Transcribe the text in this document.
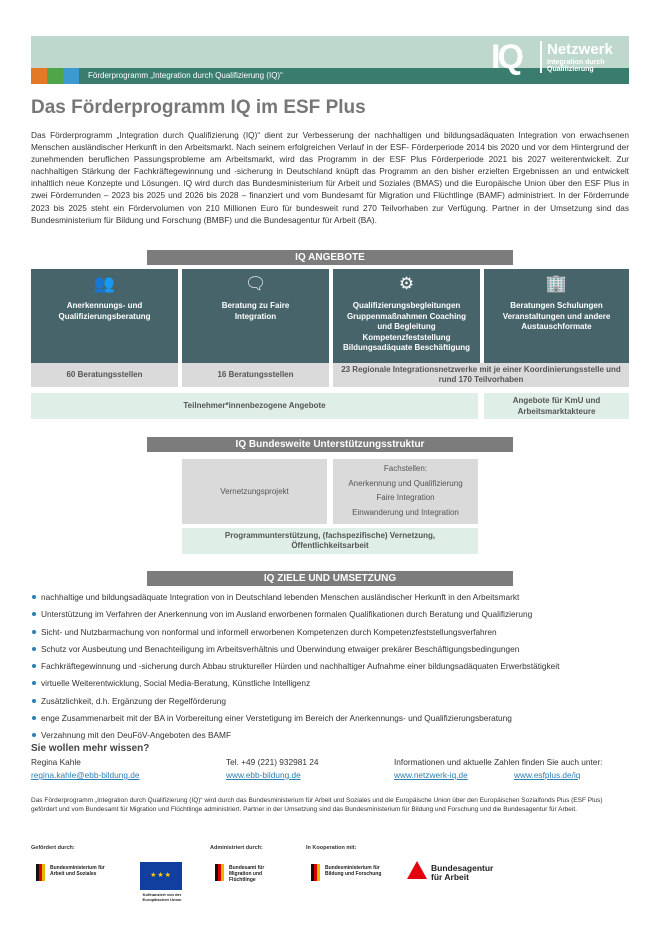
Förderprogramm „Integration durch Qualifizierung (IQ)“	IQ	Netzwerk
Integration durch
Qualifizierung
Das Förderprogramm IQ im ESF Plus

Das Förderprogramm „Integration durch Qualifizierung (IQ)“ dient zur Verbesserung der nachhaltigen und bildungsadäquaten Integration von erwachsenen Menschen ausländischer Herkunft in den Arbeitsmarkt. Nach seinem erfolgreichen Verlauf in der ESF- Förderperiode 2014 bis 2020 und vor dem Hintergrund der zunehmenden beruflichen Passungsprobleme am Arbeitsmarkt, wird das Programm in der ESF Plus Förderperiode 2021 bis 2027 weiterentwickelt. Zur nachhaltigen Stärkung der Fachkräftegewinnung und -sicherung in Deutschland knüpft das Programm an den bisher erzielten Ergebnissen an und entwickelt inhaltlich neue Konzepte und Lösungen. IQ wird durch das Bundesministerium für Arbeit und Soziales (BMAS) und die Europäische Union über den ESF Plus in zwei Förderrunden – 2023 bis 2025 und 2026 bis 2028 – finanziert und vom Bundesamt für Migration und Flüchtlinge (BAMF) administriert. In der Förderrunde 2023 bis 2025 steht ein Fördervolumen von 210 Millionen Euro für bundesweit rund 270 Teilvorhaben zur Verfügung. Partner in der Umsetzung sind das Bundesministerium für Bildung und Forschung (BMBF) und die Bundesagentur für Arbeit (BA).

IQ ANGEBOTE
👥
Anerkennungs- und Qualifizierungsberatung
🗨
Beratung zu Faire Integration
⚙
Qualifizierungsbegleitungen Gruppenmaßnahmen Coaching und Begleitung Kompetenzfeststellung Bildungsadäquate Beschäftigung
🏢
Beratungen Schulungen Veranstaltungen und andere Austauschformate
60 Beratungsstellen	16 Beratungsstellen
23 Regionale Integrationsnetzwerke mit je einer Koordinierungsstelle und rund 170 Teilvorhaben
Teilnehmer*innenbezogene Angebote
Angebote für KmU und Arbeitsmarktakteure
IQ Bundesweite Unterstützungsstruktur
Vernetzungsprojekt
Fachstellen:
Anerkennung und Qualifizierung
Faire Integration
Einwanderung und Integration
Programmunterstützung, (fachspezifische) Vernetzung, Öffentlichkeitsarbeit
IQ ZIELE UND UMSETZUNG
nachhaltige und bildungsadäquate Integration von in Deutschland lebenden Menschen ausländischer Herkunft in den Arbeitsmarkt
Unterstützung im Verfahren der Anerkennung von im Ausland erworbenen formalen Qualifikationen durch Beratung und Qualifizierung
Sicht- und Nutzbarmachung von nonformal und informell erworbenen Kompetenzen durch Kompetenzfeststellungsverfahren
Schutz vor Ausbeutung und Benachteiligung im Arbeitsverhältnis und Überwindung etwaiger prekärer Beschäftigungsbedingungen
Fachkräftegewinnung und -sicherung durch Abbau struktureller Hürden und nachhaltiger Aufnahme einer bildungsadäquaten Erwerbstätigkeit
virtuelle Weiterentwicklung, Social Media-Beratung, Künstliche Intelligenz
Zusätzlichkeit, d.h. Ergänzung der Regelförderung
enge Zusammenarbeit mit der BA in Vorbereitung einer Verstetigung im Bereich der Anerkennungs- und Qualifizierungsberatung
Verzahnung mit den DeuFöV-Angeboten des BAMF
Sie wollen mehr wissen?
Regina Kahle
regina.kahle@ebb-bildung.de
Tel. +49 (221) 932981 24
www.ebb-bildung.de
Informationen und aktuelle Zahlen finden Sie auch unter:
www.netzwerk-iq.de	www.esfplus.de/iq

Das Förderprogramm „Integration durch Qualifizierung (IQ)“ wird durch das Bundesministerium für Arbeit und Soziales und die Europäische Union über den Europäischen Sozialfonds Plus (ESF Plus) gefördert und vom Bundesamt für Migration und Flüchtlinge administriert. Partner in der Umsetzung sind das Bundesministerium für Bildung und Forschung und die Bundesagentur für Arbeit.

Gefördert durch:	Administriert durch:	In Kooperation mit:
Bundesministerium für Arbeit und Soziales	★★★
Kofinanziert von der Europäischen Union
Bundesamt für Migration und Flüchtlinge
Bundesministerium für Bildung und Forschung
Bundesagentur für Arbeit
